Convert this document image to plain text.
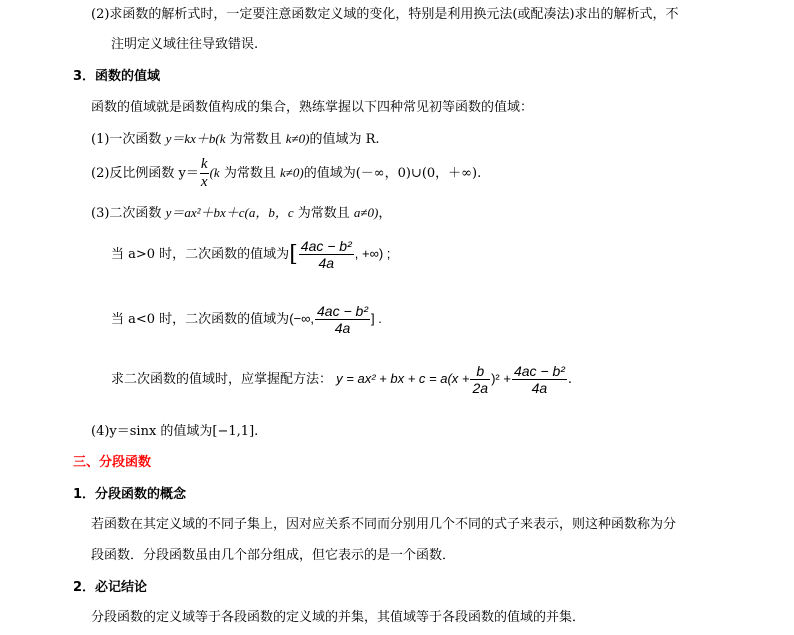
(2)求函数的解析式时，一定要注意函数定义域的变化，特别是利用换元法(或配凑法)求出的解析式，不
注明定义域往往导致错误.
3．函数的值域
函数的值域就是函数值构成的集合，熟练掌握以下四种常见初等函数的值域：
(1)一次函数 y＝kx＋b(k 为常数且 k≠0)的值域为 R.
(2)反比例函数 $y= \frac{k}{x} (k$ 为常数且 k≠0)的值域为(－∞，0)∪(0，＋∞).
(3)二次函数 y＝ax²＋bx＋c(a，b，c 为常数且 a≠0)，
当 a>0 时，二次函数的值域为[ $\frac{\text{4ac − b²}}{4a}$ , +∞) ;
当 a<0 时，二次函数的值域为(−∞, $\frac{\text{4ac − b²}}{4a}$ ] .
求二次函数的值域时，应掌握配方法： y = ax² + bx + $c = a(x + \frac{b}{2a} )^2 + \frac{\text{4ac − b²}}{4a}$ .
(4)y＝sinx 的值域为[−1,1].
三、分段函数
1．分段函数的概念
若函数在其定义域的不同子集上，因对应关系不同而分别用几个不同的式子来表示，则这种函数称为分
段函数．分段函数虽由几个部分组成，但它表示的是一个函数．
2．必记结论
分段函数的定义域等于各段函数的定义域的并集，其值域等于各段函数的值域的并集．
